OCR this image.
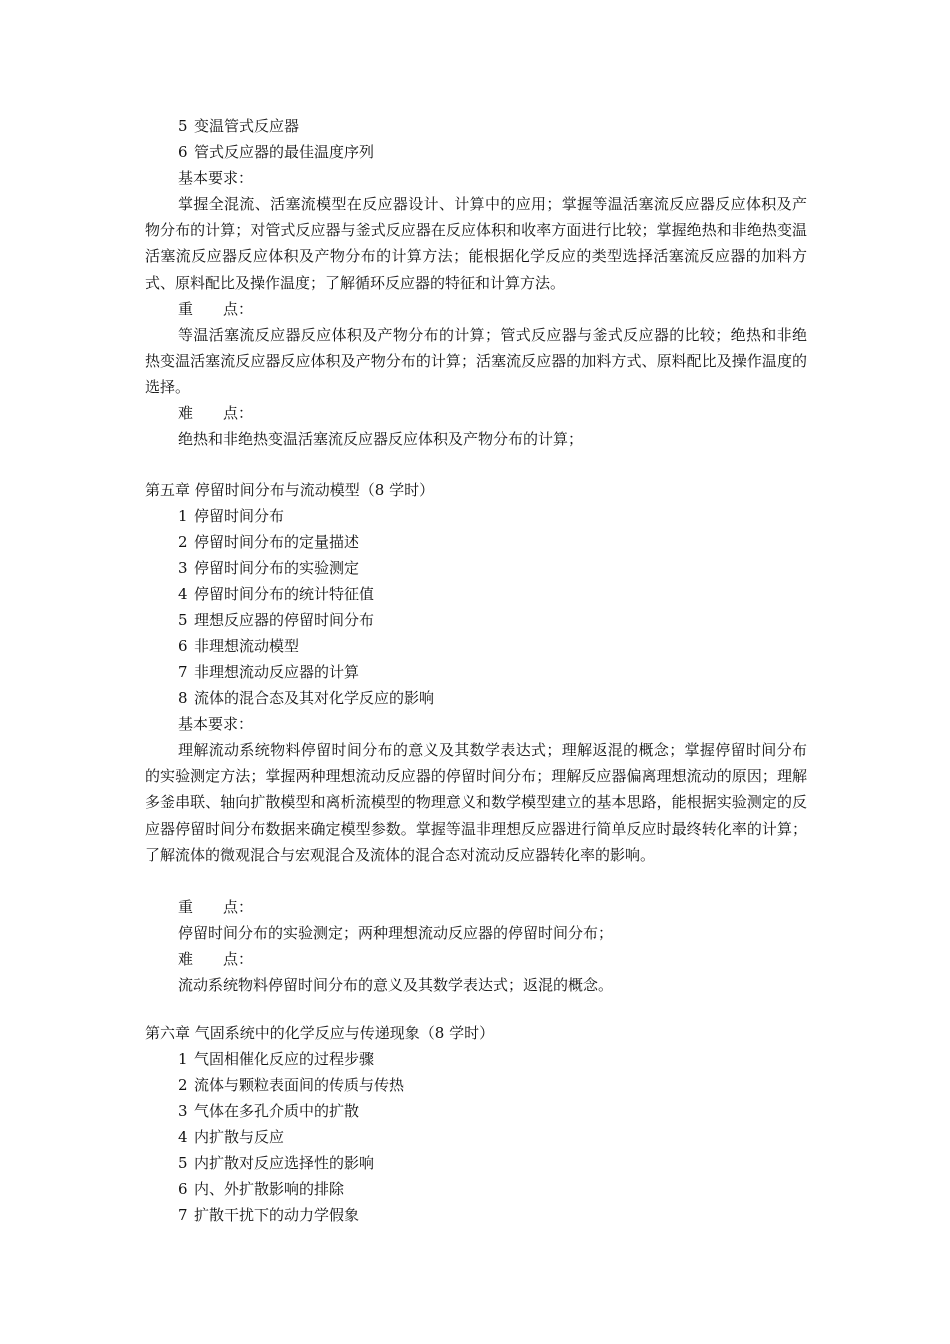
5 变温管式反应器
6 管式反应器的最佳温度序列
基本要求：
掌握全混流、活塞流模型在反应器设计、计算中的应用；掌握等温活塞流反应器反应体积及产物分布的计算；对管式反应器与釜式反应器在反应体积和收率方面进行比较；掌握绝热和非绝热变温活塞流反应器反应体积及产物分布的计算方法；能根据化学反应的类型选择活塞流反应器的加料方式、原料配比及操作温度；了解循环反应器的特征和计算方法。
重 点：
等温活塞流反应器反应体积及产物分布的计算；管式反应器与釜式反应器的比较；绝热和非绝热变温活塞流反应器反应体积及产物分布的计算；活塞流反应器的加料方式、原料配比及操作温度的选择。
难 点：
绝热和非绝热变温活塞流反应器反应体积及产物分布的计算；
第五章 停留时间分布与流动模型（8 学时）
1 停留时间分布
2 停留时间分布的定量描述
3 停留时间分布的实验测定
4 停留时间分布的统计特征值
5 理想反应器的停留时间分布
6 非理想流动模型
7 非理想流动反应器的计算
8 流体的混合态及其对化学反应的影响
基本要求：
理解流动系统物料停留时间分布的意义及其数学表达式；理解返混的概念；掌握停留时间分布的实验测定方法；掌握两种理想流动反应器的停留时间分布；理解反应器偏离理想流动的原因；理解多釜串联、轴向扩散模型和离析流模型的物理意义和数学模型建立的基本思路，能根据实验测定的反应器停留时间分布数据来确定模型参数。掌握等温非理想反应器进行简单反应时最终转化率的计算；了解流体的微观混合与宏观混合及流体的混合态对流动反应器转化率的影响。
重 点：
停留时间分布的实验测定；两种理想流动反应器的停留时间分布；
难 点：
流动系统物料停留时间分布的意义及其数学表达式；返混的概念。
第六章 气固系统中的化学反应与传递现象（8 学时）
1 气固相催化反应的过程步骤
2 流体与颗粒表面间的传质与传热
3 气体在多孔介质中的扩散
4 内扩散与反应
5 内扩散对反应选择性的影响
6 内、外扩散影响的排除
7 扩散干扰下的动力学假象
